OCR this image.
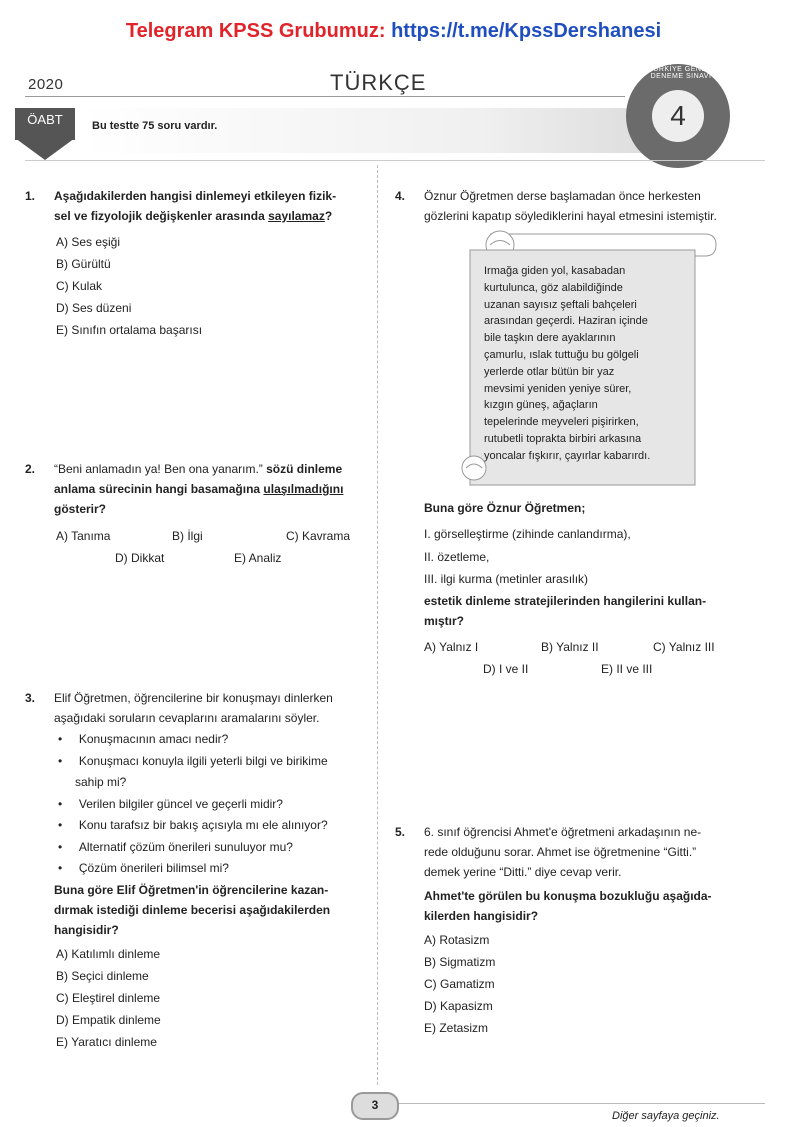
Telegram KPSS Grubumuz: https://t.me/KpssDershanesi
2020	TÜRKÇE
ÖABT	Bu testte 75 soru vardır.
TÜRKİYE GENELİ DENEME SINAVI
4
1. Aşağıdakilerden hangisi dinlemeyi etkileyen fizik-
sel ve fizyolojik değişkenler arasında sayılamaz?
A) Ses eşiği
B) Gürültü
C) Kulak
D) Ses düzeni
E) Sınıfın ortalama başarısı
2. “Beni anlamadın ya! Ben ona yanarım.” sözü dinleme
anlama sürecinin hangi basamağına ulaşılmadığını
gösterir?
A) Tanıma	B) İlgi	C) Kavrama
D) Dikkat	E) Analiz
3. Elif Öğretmen, öğrencilerine bir konuşmayı dinlerken
aşağıdaki soruların cevaplarını aramalarını söyler.
•     Konuşmacının amacı nedir?
•     Konuşmacı konuyla ilgili yeterli bilgi ve birikime
sahip mi?
•     Verilen bilgiler güncel ve geçerli midir?
•     Konu tarafsız bir bakış açısıyla mı ele alınıyor?
•     Alternatif çözüm önerileri sunuluyor mu?
•     Çözüm önerileri bilimsel mi?
Buna göre Elif Öğretmen'in öğrencilerine kazan-
dırmak istediği dinleme becerisi aşağıdakilerden
hangisidir?
A) Katılımlı dinleme
B) Seçici dinleme
C) Eleştirel dinleme
D) Empatik dinleme
E) Yaratıcı dinleme
4. Öznur Öğretmen derse başlamadan önce herkesten
gözlerini kapatıp söylediklerini hayal etmesini istemiştir.
Irmağa giden yol, kasabadan
kurtulunca, göz alabildiğinde
uzanan sayısız şeftali bahçeleri
arasından geçerdi. Haziran içinde
bile taşkın dere ayaklarının
çamurlu, ıslak tuttuğu bu gölgeli
yerlerde otlar bütün bir yaz
mevsimi yeniden yeniye sürer,
kızgın güneş, ağaçların
tepelerinde meyveleri pişirirken,
rutubetli toprakta birbiri arkasına
yoncalar fışkırır, çayırlar kabarırdı.
Buna göre Öznur Öğretmen;
I. görselleştirme (zihinde canlandırma),
II. özetleme,
III. ilgi kurma (metinler arasılık)
estetik dinleme stratejilerinden hangilerini kullan-
mıştır?
A) Yalnız I	B) Yalnız II	C) Yalnız III
D) I ve II	E) II ve III
5. 6. sınıf öğrencisi Ahmet'e öğretmeni arkadaşının ne-
rede olduğunu sorar. Ahmet ise öğretmenine “Gitti.”
demek yerine “Ditti.” diye cevap verir.
Ahmet'te görülen bu konuşma bozukluğu aşağıda-
kilerden hangisidir?
A) Rotasizm
B) Sigmatizm
C) Gamatizm
D) Kapasizm
E) Zetasizm
3
Diğer sayfaya geçiniz.
